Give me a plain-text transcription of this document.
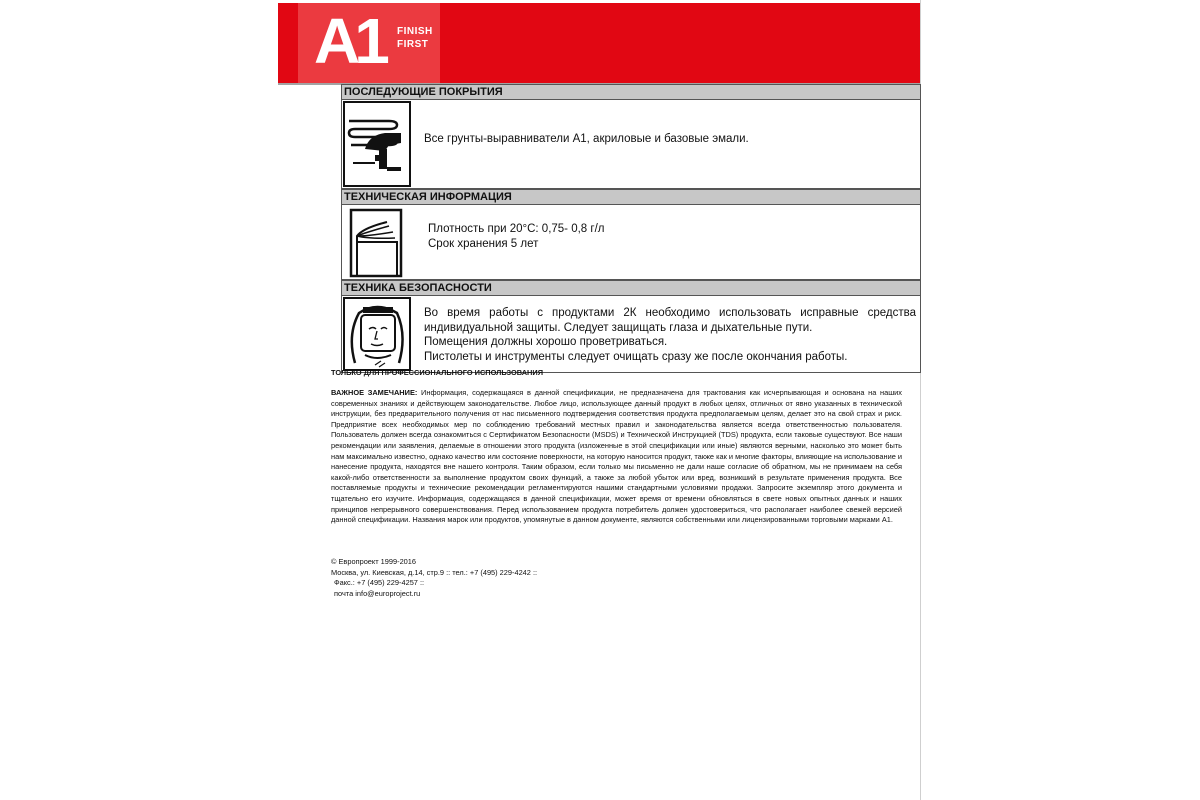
A1 FINISH
FIRST
ПОСЛЕДУЮЩИЕ ПОКРЫТИЯ
Все грунты-выравниватели А1, акриловые и базовые эмали.
ТЕХНИЧЕСКАЯ ИНФОРМАЦИЯ
Плотность при 20°С: 0,75- 0,8 г/л
Срок хранения 5 лет
ТЕХНИКА БЕЗОПАСНОСТИ
Во время работы с продуктами 2К необходимо использовать исправные средства индивидуальной защиты. Следует защищать глаза и дыхательные пути.
Помещения должны хорошо проветриваться.
Пистолеты и инструменты следует очищать сразу же после окончания работы.
ТОЛЬКО ДЛЯ ПРОФЕССИОНАЛЬНОГО ИСПОЛЬЗОВАНИЯ
ВАЖНОЕ ЗАМЕЧАНИЕ: Информация, содержащаяся в данной спецификации, не предназначена для трактования как исчерпывающая и основана на наших современных знаниях и действующем законодательстве. Любое лицо, использующее данный продукт в любых целях, отличных от явно указанных в технической инструкции, без предварительного получения от нас письменного подтверждения соответствия продукта предполагаемым целям, делает это на свой страх и риск. Предприятие всех необходимых мер по соблюдению требований местных правил и законодательства является всегда ответственностью пользователя. Пользователь должен всегда ознакомиться с Сертификатом Безопасности (MSDS) и Технической Инструкцией (TDS) продукта, если таковые существуют. Все наши рекомендации или заявления, делаемые в отношении этого продукта (изложенные в этой спецификации или иные) являются верными, насколько это может быть нам максимально известно, однако качество или состояние поверхности, на которую наносится продукт, также как и многие факторы, влияющие на использование и нанесение продукта, находятся вне нашего контроля. Таким образом, если только мы письменно не дали наше согласие об обратном, мы не принимаем на себя какой-либо ответственности за выполнение продуктом своих функций, а также за любой убыток или вред, возникший в результате применения продукта. Все поставляемые продукты и технические рекомендации регламентируются нашими стандартными условиями продажи. Запросите экземпляр этого документа и тщательно его изучите. Информация, содержащаяся в данной спецификации, может время от времени обновляться в свете новых опытных данных и наших принципов непрерывного совершенствования. Перед использованием продукта потребитель должен удостовериться, что располагает наиболее свежей версией данной спецификации. Названия марок или продуктов, упомянутые в данном документе, являются собственными или лицензированными торговыми марками А1.
© Европроект 1999-2016
Москва, ул. Киевская, д.14, стр.9 :: тел.: +7 (495) 229-4242 ::
Факс.: +7 (495) 229-4257 ::
почта info@europroject.ru
